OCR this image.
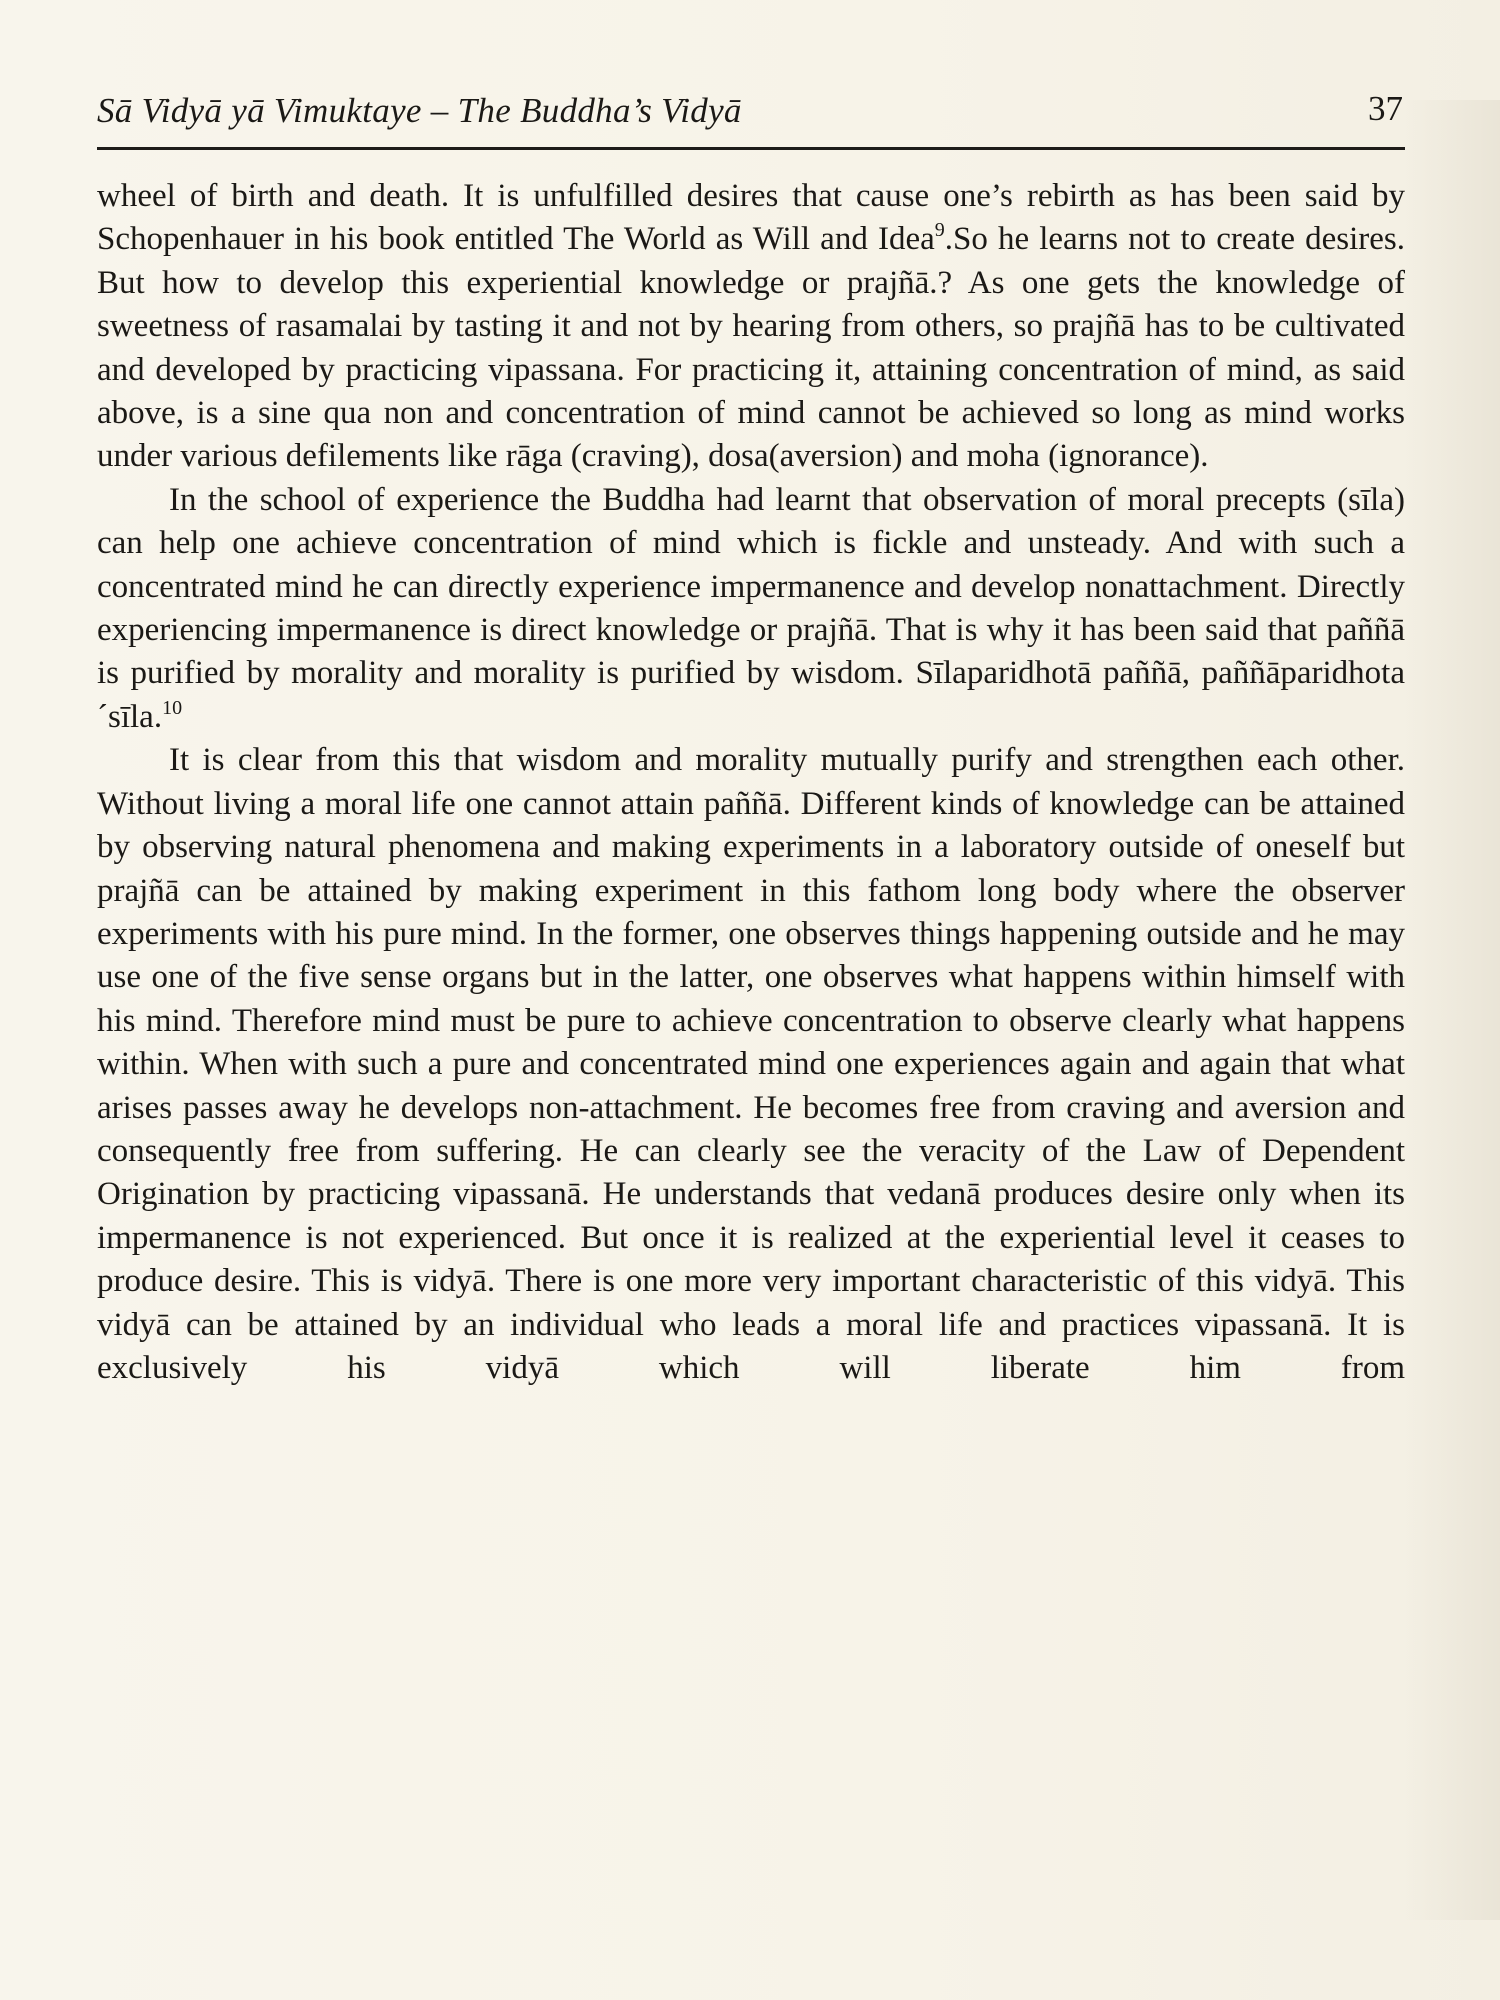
Sā Vidyā yā Vimuktaye – The Buddha’s Vidyā	37

wheel of birth and death. It is unfulfilled desires that cause one’s rebirth as has been said by Schopenhauer in his book entitled The World as Will and Idea$^9$.So he learns not to create desires. But how to develop this experiential knowledge or prajñā.? As one gets the knowledge of sweetness of rasamalai by tasting it and not by hearing from others, so prajñā has to be cultivated and developed by practicing vipassana. For practicing it, attaining concentration of mind, as said above, is a sine qua non and concentration of mind cannot be achieved so long as mind works under various defilements like rāga (craving), dosa(aversion) and moha (ignorance).

In the school of experience the Buddha had learnt that observation of moral precepts (sīla) can help one achieve concentration of mind which is fickle and unsteady. And with such a concentrated mind he can directly experience impermanence and develop nonattachment. Directly experiencing impermanence is direct knowledge or prajñā. That is why it has been said that paññā is purified by morality and morality is purified by wisdom. Sīlaparidhotā paññā, paññāparidhota´sīla.$^{10}$

It is clear from this that wisdom and morality mutually purify and strengthen each other. Without living a moral life one cannot attain paññā. Different kinds of knowledge can be attained by observing natural phenomena and making experiments in a laboratory outside of oneself but prajñā can be attained by making experiment in this fathom long body where the observer experiments with his pure mind. In the former, one observes things happening outside and he may use one of the five sense organs but in the latter, one observes what happens within himself with his mind. Therefore mind must be pure to achieve concentration to observe clearly what happens within. When with such a pure and concentrated mind one experiences again and again that what arises passes away he develops non-attachment. He becomes free from craving and aversion and consequently free from suffering. He can clearly see the veracity of the Law of Dependent Origination by practicing vipassanā. He understands that vedanā produces desire only when its impermanence is not experienced. But once it is realized at the experiential level it ceases to produce desire. This is vidyā. There is one more very important characteristic of this vidyā. This vidyā can be attained by an individual who leads a moral life and practices vipassanā. It is exclusively his vidyā which will liberate him from
